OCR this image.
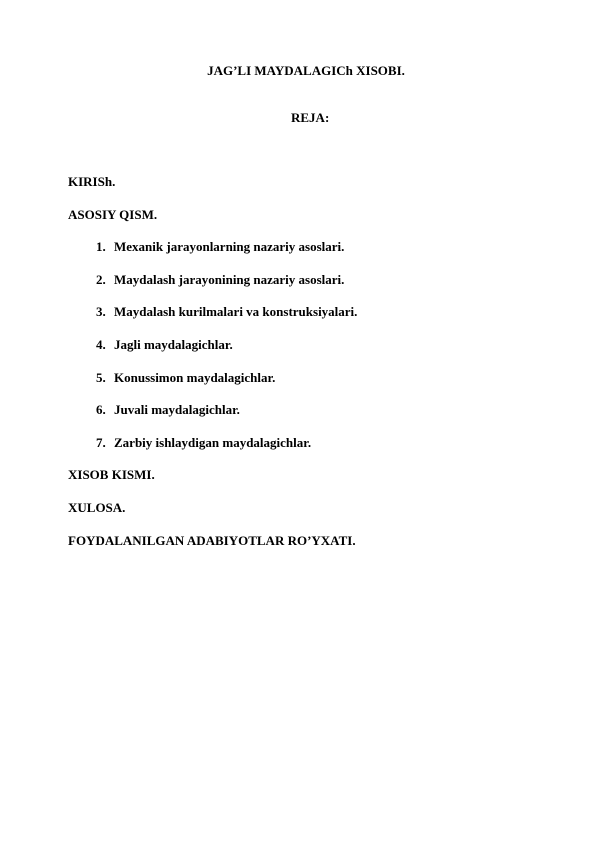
JAG’LI MAYDALAGICh XISOBI.
REJA:
KIRISh.
ASOSIY QISM.
1. Mexanik jarayonlarning nazariy asoslari.
2. Maydalash jarayonining nazariy asoslari.
3. Maydalash kurilmalari va konstruksiyalari.
4. Jagli maydalagichlar.
5. Konussimon maydalagichlar.
6. Juvali maydalagichlar.
7. Zarbiy ishlaydigan maydalagichlar.
XISOB KISMI.
XULOSA.
FOYDALANILGAN ADABIYOTLAR RO’YXATI.
